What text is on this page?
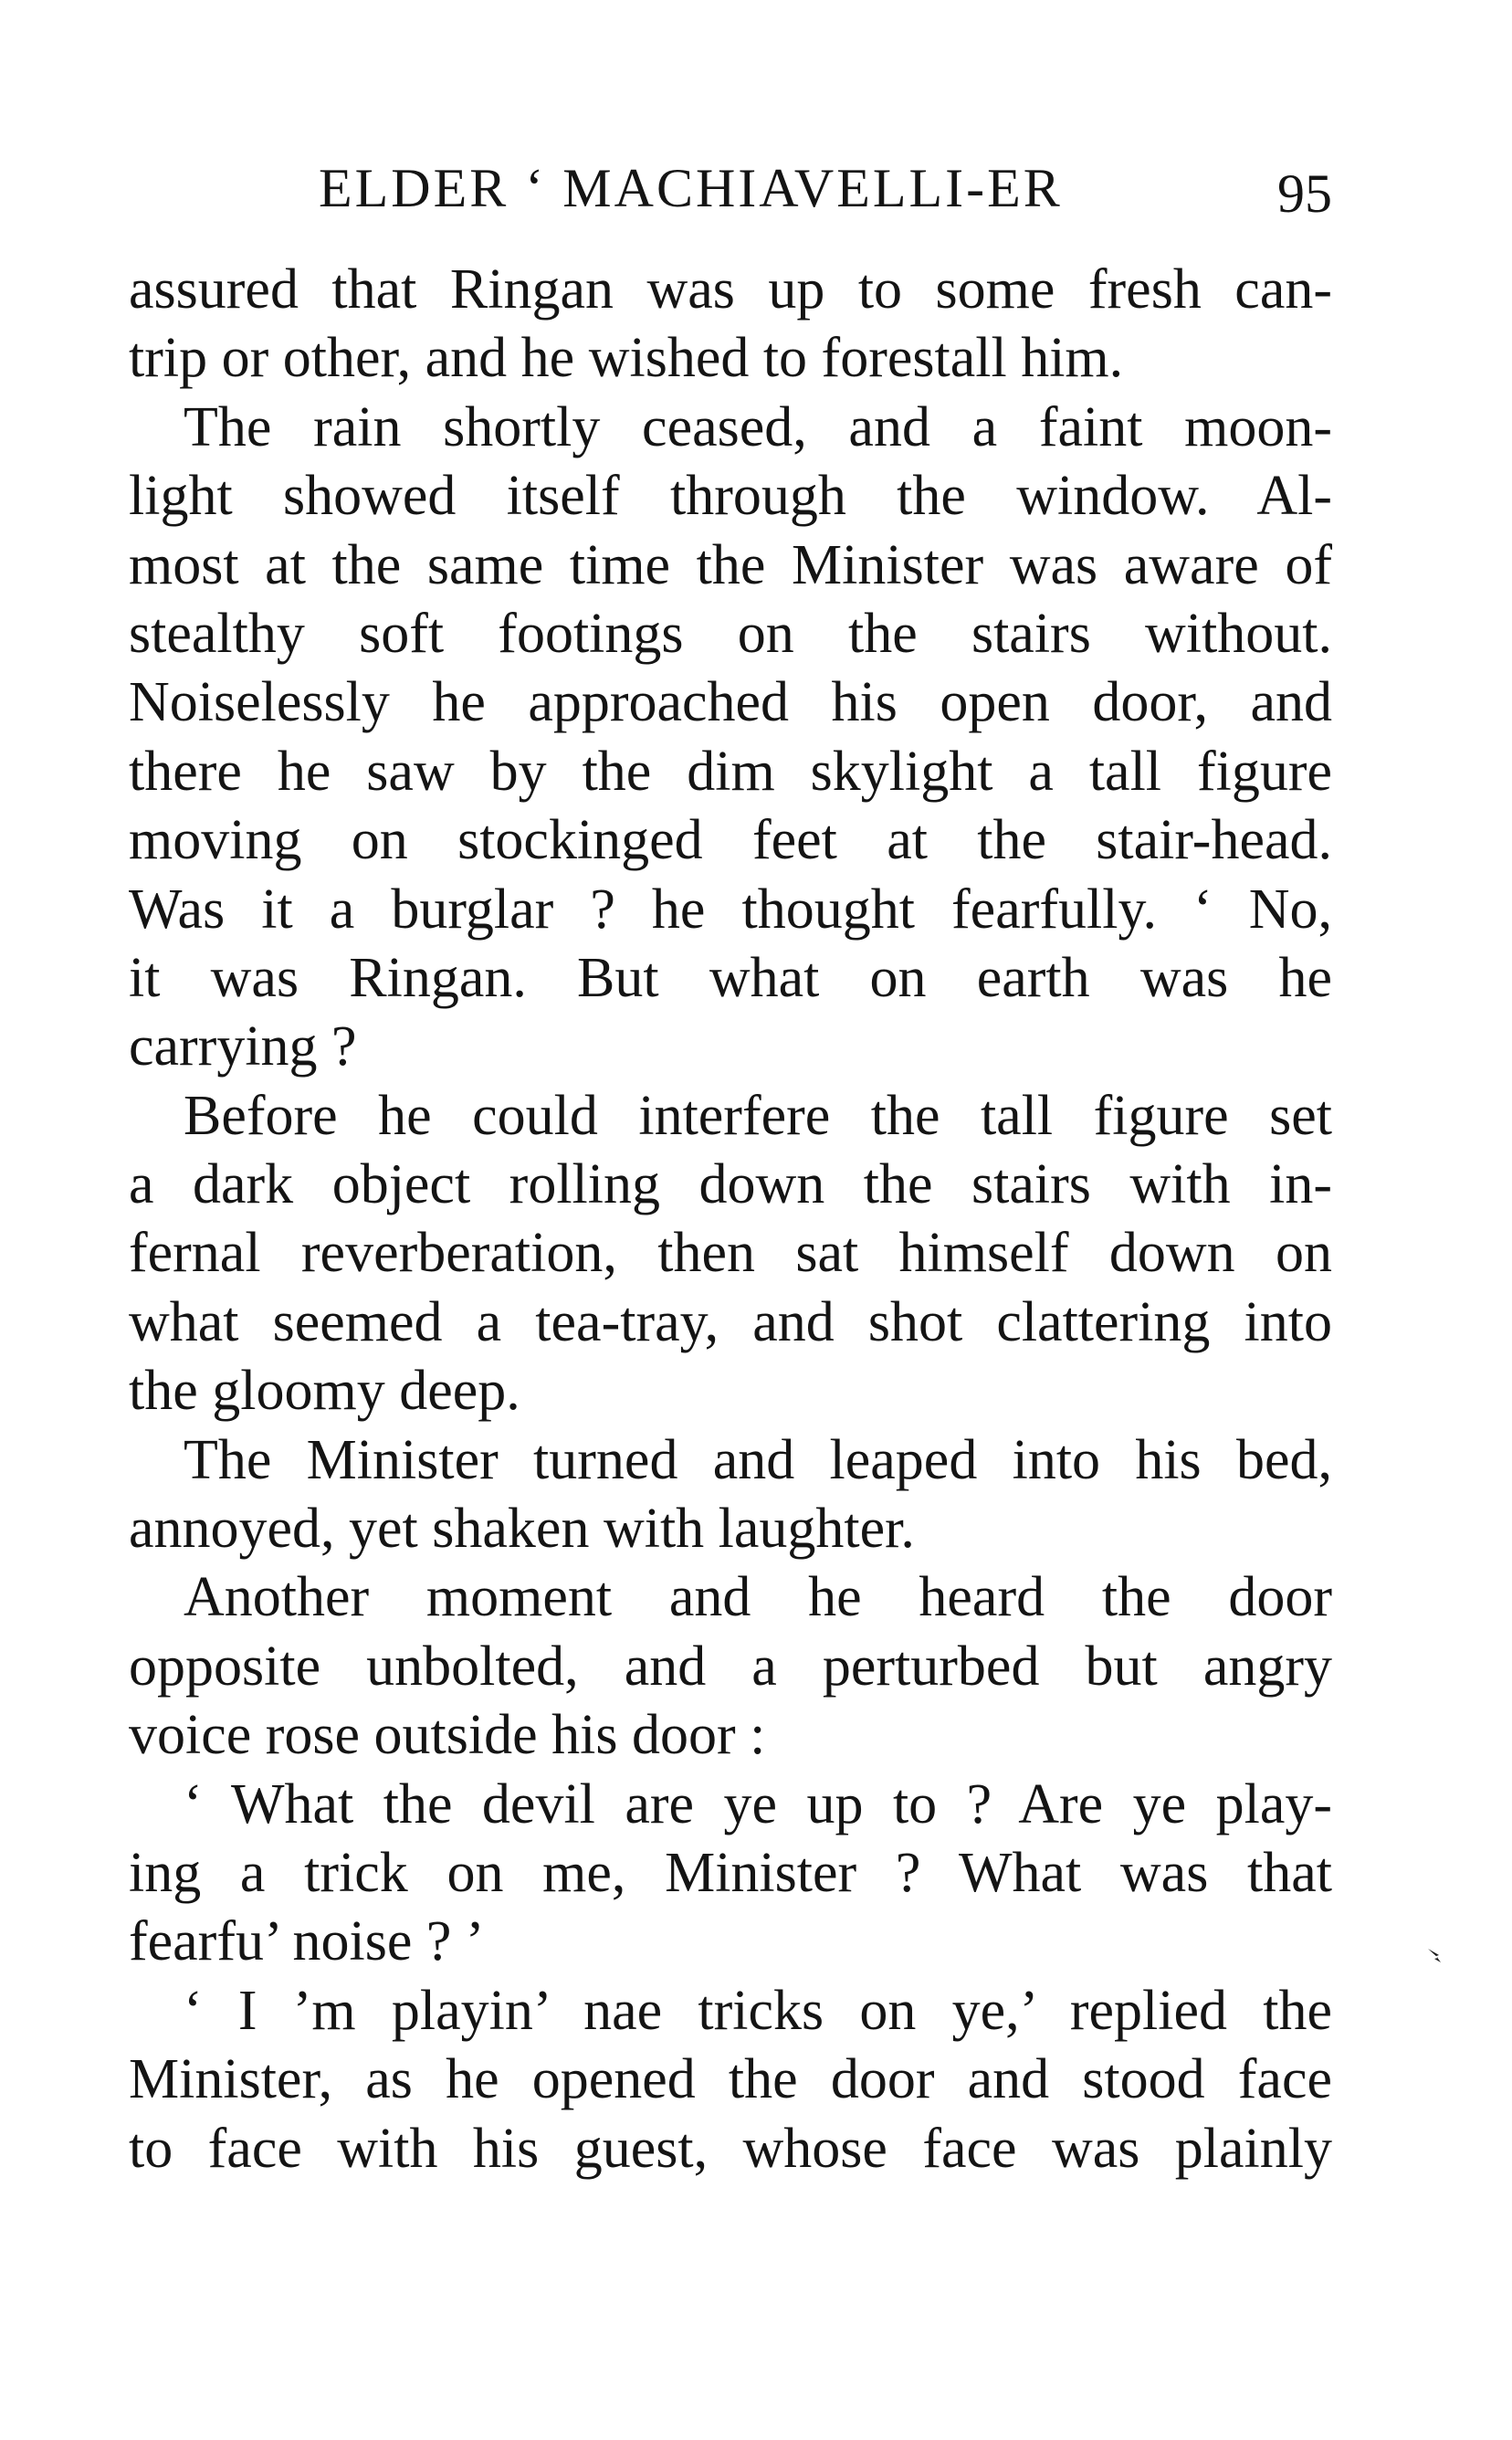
ELDER ‘ MACHIAVELLI-ER	95
assured that Ringan was up to some fresh can-
trip or other, and he wished to forestall him.
The rain shortly ceased, and a faint moon-
light showed itself through the window. Al-
most at the same time the Minister was aware of
stealthy soft footings on the stairs without.
Noiselessly he approached his open door, and
there he saw by the dim skylight a tall figure
moving on stockinged feet at the stair-head.
Was it a burglar ? he thought fearfully. ‘ No,
it was Ringan. But what on earth was he
carrying ?
Before he could interfere the tall figure set
a dark object rolling down the stairs with in-
fernal reverberation, then sat himself down on
what seemed a tea-tray, and shot clattering into
the gloomy deep.
The Minister turned and leaped into his bed,
annoyed, yet shaken with laughter.
Another moment and he heard the door
opposite unbolted, and a perturbed but angry
voice rose outside his door :
‘ What the devil are ye up to ? Are ye play-
ing a trick on me, Minister ? What was that
fearfu’ noise ? ’
‘ I ’m playin’ nae tricks on ye,’ replied the
Minister, as he opened the door and stood face
to face with his guest, whose face was plainly
